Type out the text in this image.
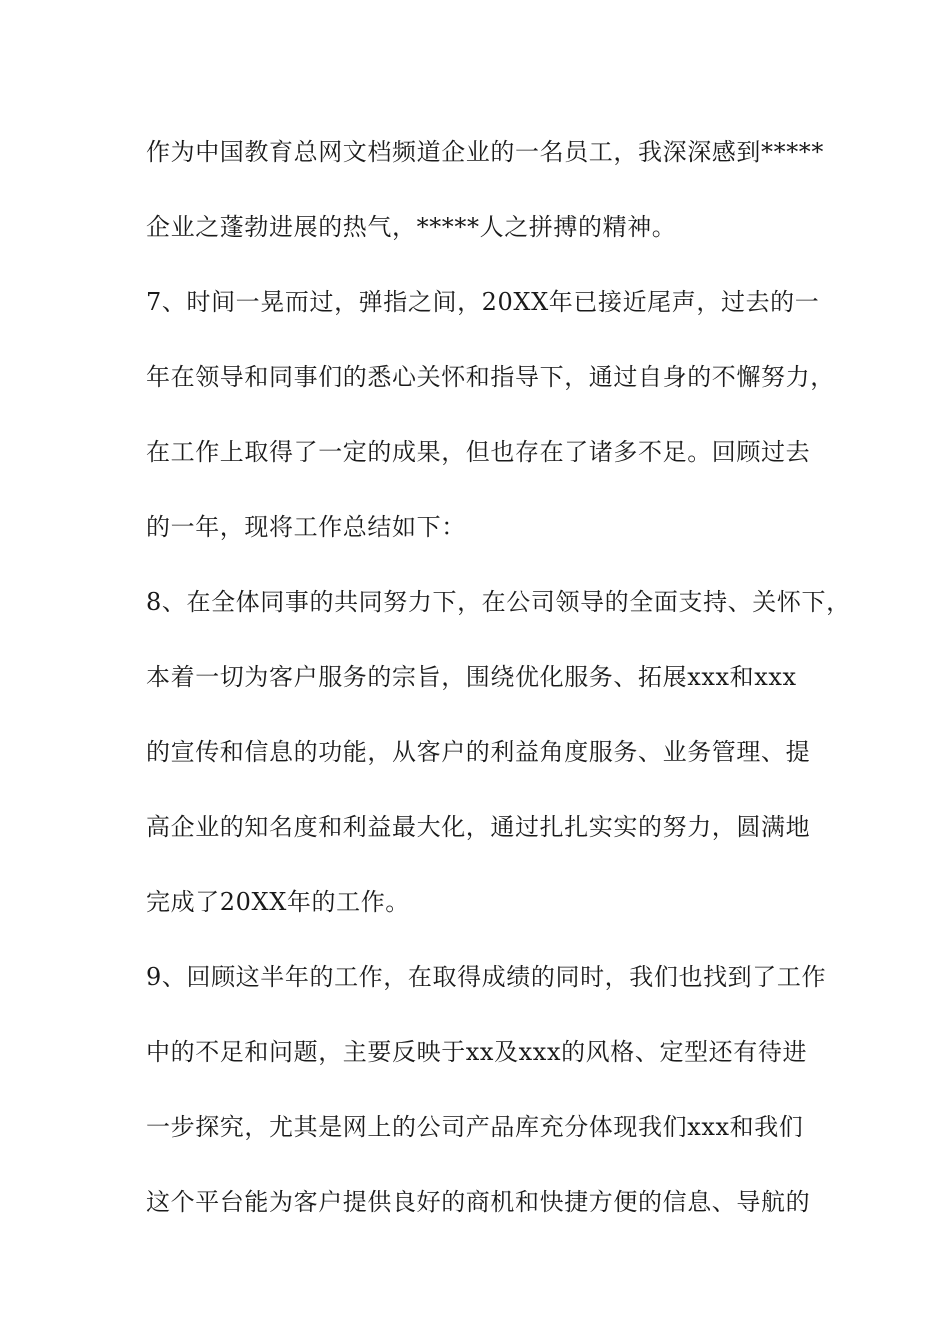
作为中国教育总网文档频道企业的一名员工，我深深感到*****
企业之蓬勃进展的热气，*****人之拼搏的精神。
7、时间一晃而过，弹指之间，20XX年已接近尾声，过去的一
年在领导和同事们的悉心关怀和指导下，通过自身的不懈努力，
在工作上取得了一定的成果，但也存在了诸多不足。回顾过去
的一年，现将工作总结如下：
8、在全体同事的共同努力下，在公司领导的全面支持、关怀下，
本着一切为客户服务的宗旨，围绕优化服务、拓展xxx和xxx
的宣传和信息的功能，从客户的利益角度服务、业务管理、提
高企业的知名度和利益最大化，通过扎扎实实的努力，圆满地
完成了20XX年的工作。
9、回顾这半年的工作，在取得成绩的同时，我们也找到了工作
中的不足和问题，主要反映于xx及xxx的风格、定型还有待进
一步探究，尤其是网上的公司产品库充分体现我们xxx和我们
这个平台能为客户提供良好的商机和快捷方便的信息、导航的
